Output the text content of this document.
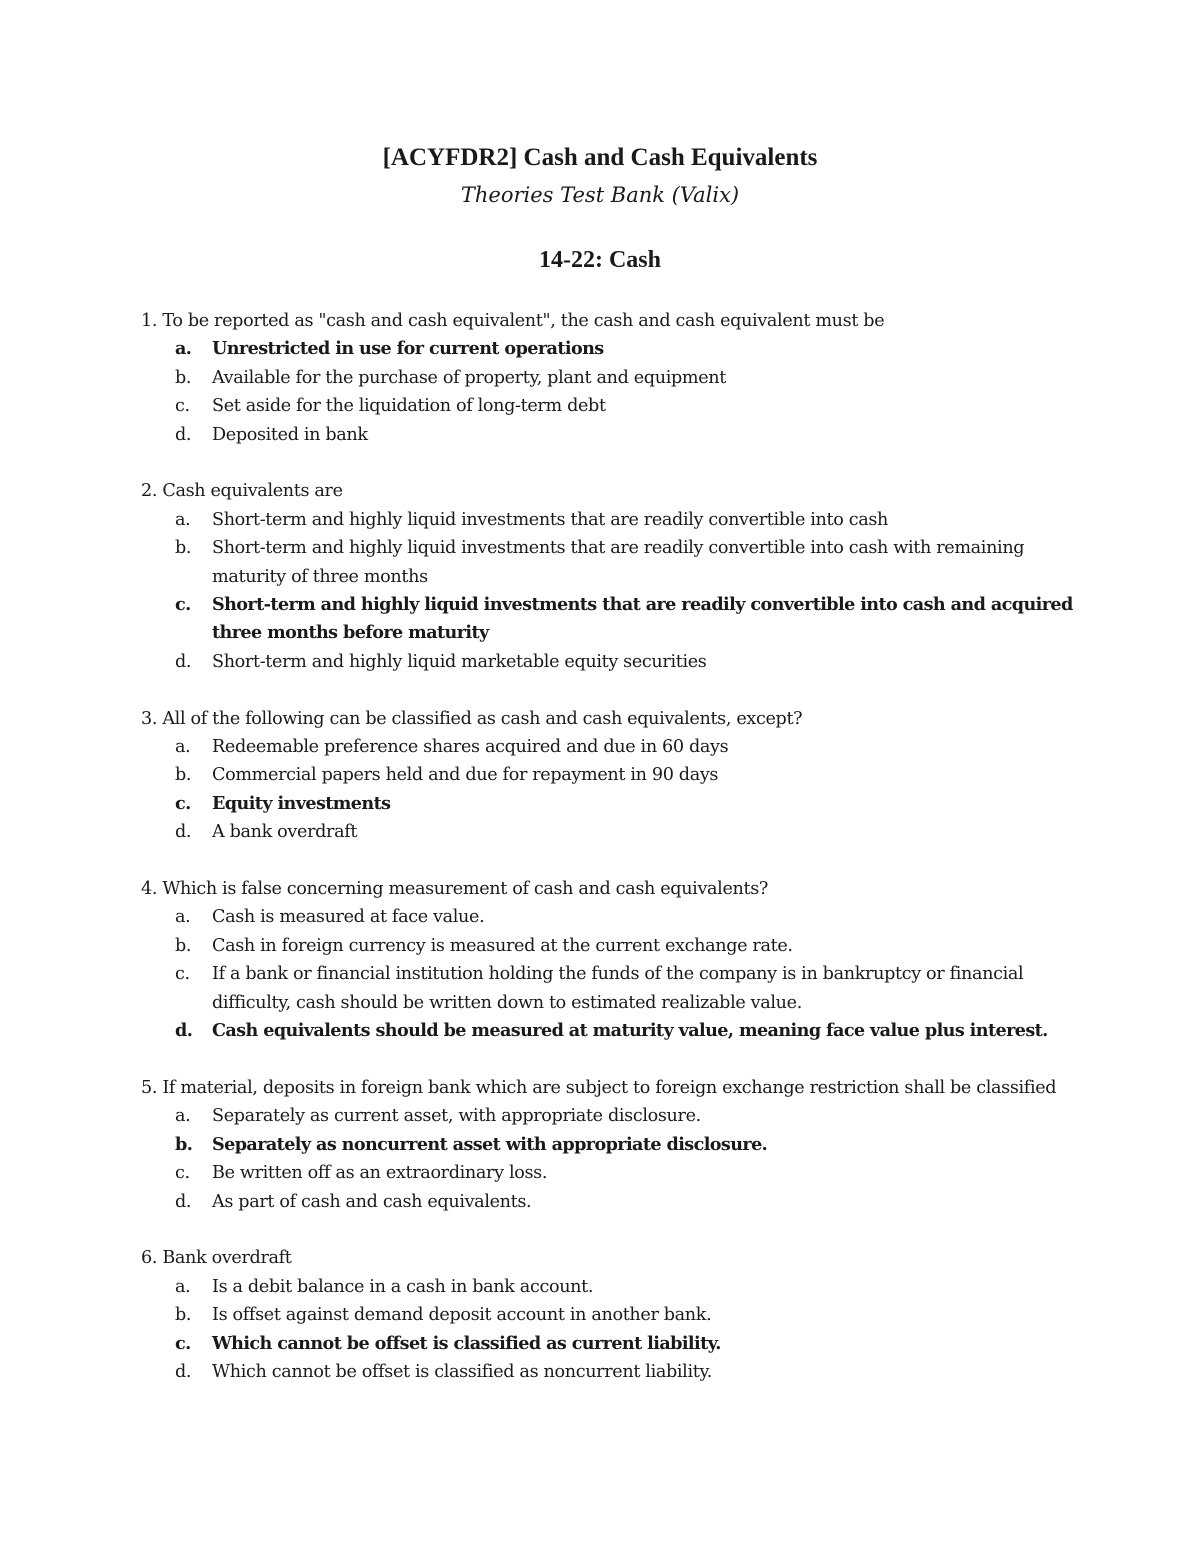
[ACYFDR2] Cash and Cash Equivalents
Theories Test Bank (Valix)
14-22: Cash
1. To be reported as "cash and cash equivalent", the cash and cash equivalent must be
a. Unrestricted in use for current operations
b. Available for the purchase of property, plant and equipment
c. Set aside for the liquidation of long-term debt
d. Deposited in bank
2. Cash equivalents are
a. Short-term and highly liquid investments that are readily convertible into cash
b. Short-term and highly liquid investments that are readily convertible into cash with remaining maturity of three months
c. Short-term and highly liquid investments that are readily convertible into cash and acquired three months before maturity
d. Short-term and highly liquid marketable equity securities
3. All of the following can be classified as cash and cash equivalents, except?
a. Redeemable preference shares acquired and due in 60 days
b. Commercial papers held and due for repayment in 90 days
c. Equity investments
d. A bank overdraft
4. Which is false concerning measurement of cash and cash equivalents?
a. Cash is measured at face value.
b. Cash in foreign currency is measured at the current exchange rate.
c. If a bank or financial institution holding the funds of the company is in bankruptcy or financial difficulty, cash should be written down to estimated realizable value.
d. Cash equivalents should be measured at maturity value, meaning face value plus interest.
5. If material, deposits in foreign bank which are subject to foreign exchange restriction shall be classified
a. Separately as current asset, with appropriate disclosure.
b. Separately as noncurrent asset with appropriate disclosure.
c. Be written off as an extraordinary loss.
d. As part of cash and cash equivalents.
6. Bank overdraft
a. Is a debit balance in a cash in bank account.
b. Is offset against demand deposit account in another bank.
c. Which cannot be offset is classified as current liability.
d. Which cannot be offset is classified as noncurrent liability.
